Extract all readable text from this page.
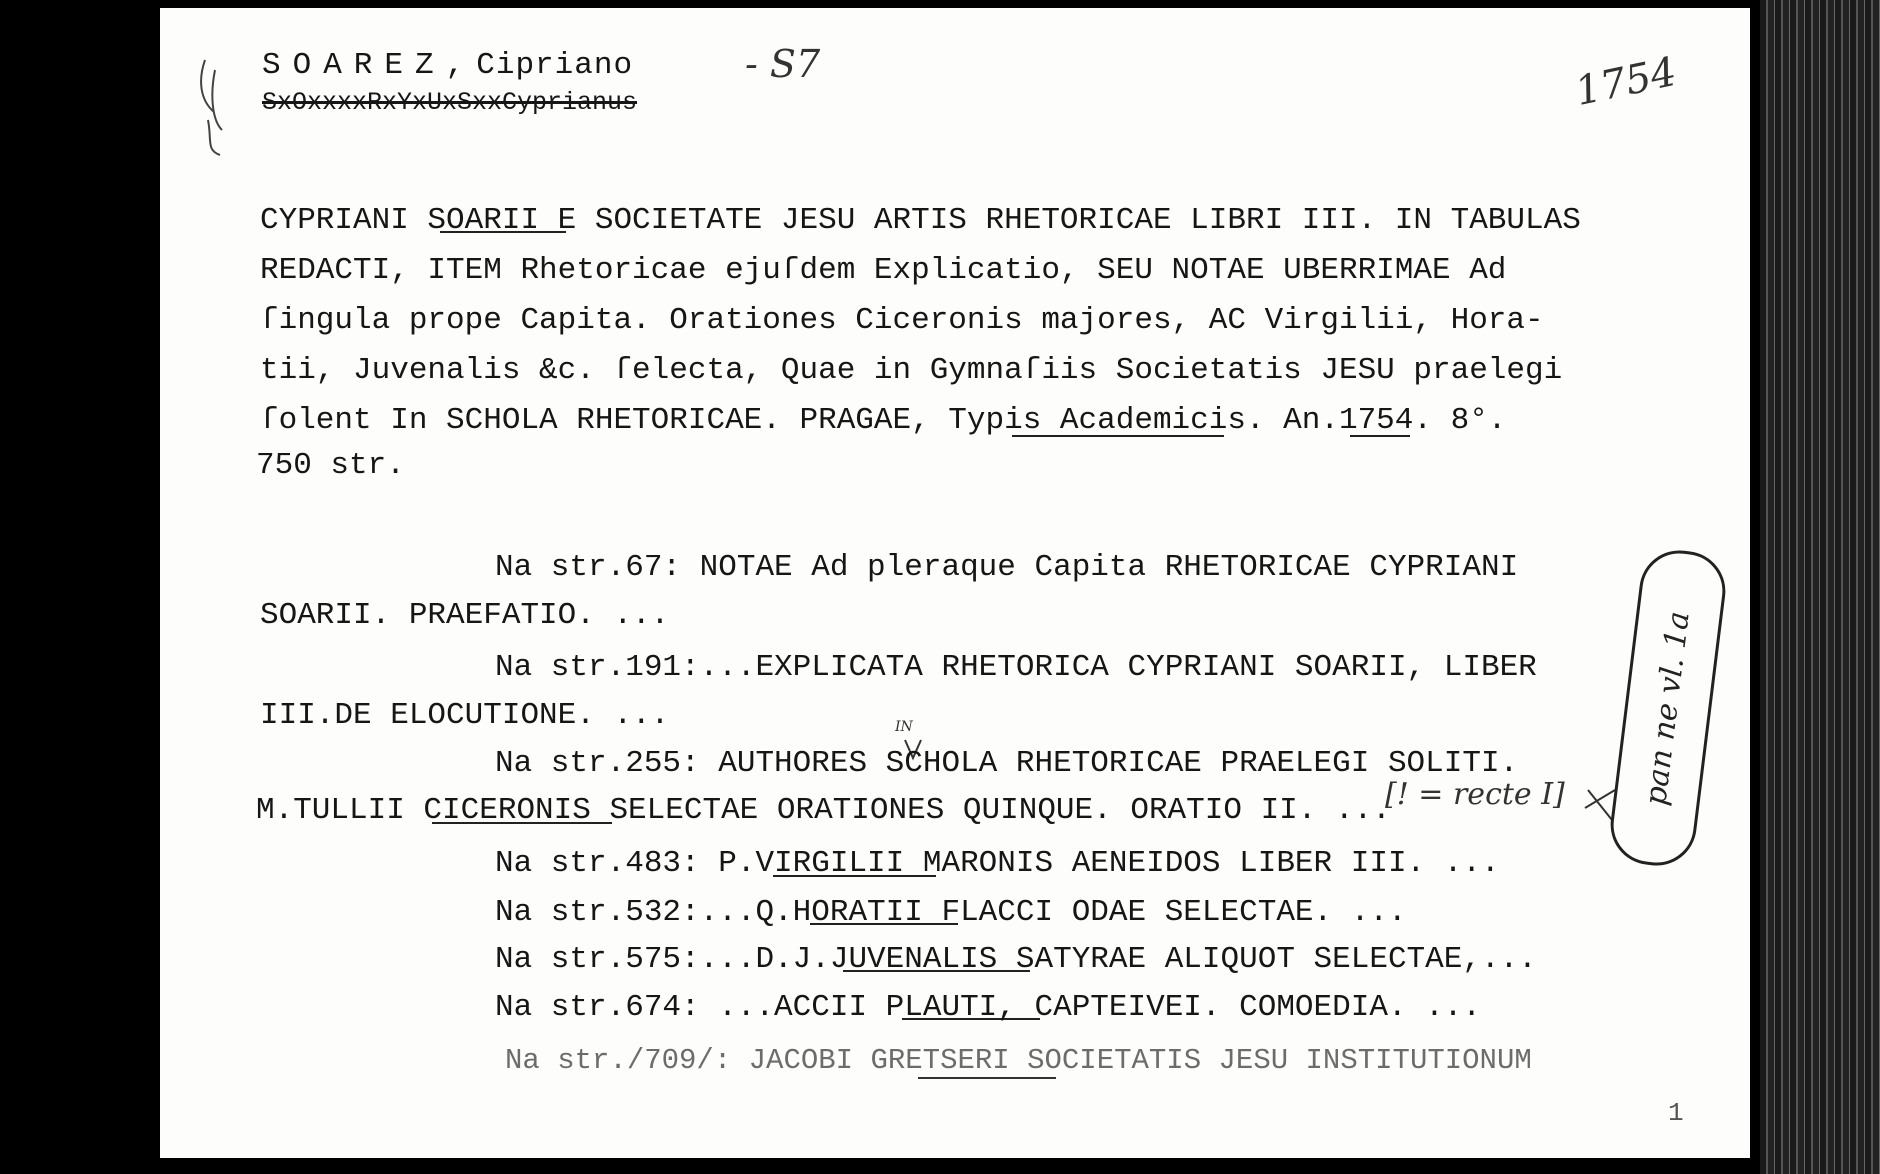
SOAREZ,Cipriano
SxOxxxxRxYxUxSxxCyprianus
- S7	1754
CYPRIANI SOARII E SOCIETATE JESU ARTIS RHETORICAE LIBRI III. IN TABULAS
REDACTI, ITEM Rhetoricae ejuſdem Explicatio, SEU NOTAE UBERRIMAE Ad
ſingula prope Capita. Orationes Ciceronis majores, AC Virgilii, Hora-
tii, Juvenalis &c. ſelecta, Quae in Gymnaſiis Societatis JESU praelegi
ſolent In SCHOLA RHETORICAE. PRAGAE, Typis Academicis. An.1754. 8°.
750 str.
Na str.67: NOTAE Ad pleraque Capita RHETORICAE CYPRIANI
SOARII. PRAEFATIO. ...
Na str.191:...EXPLICATA RHETORICA CYPRIANI SOARII, LIBER
III.DE ELOCUTIONE. ...
Na str.255: AUTHORES SCHOLA RHETORICAE PRAELEGI SOLITI.
IN
M.TULLII CICERONIS SELECTAE ORATIONES QUINQUE. ORATIO II. ...
[! = recte I]
Na str.483: P.VIRGILII MARONIS AENEIDOS LIBER III. ...
Na str.532:...Q.HORATII FLACCI ODAE SELECTAE. ...
Na str.575:...D.J.JUVENALIS SATYRAE ALIQUOT SELECTAE,...
Na str.674: ...ACCII PLAUTI, CAPTEIVEI. COMOEDIA. ...
Na str./709/: JACOBI GRETSERI SOCIETATIS JESU INSTITUTIONUM
pan ne vl. 1a
1
